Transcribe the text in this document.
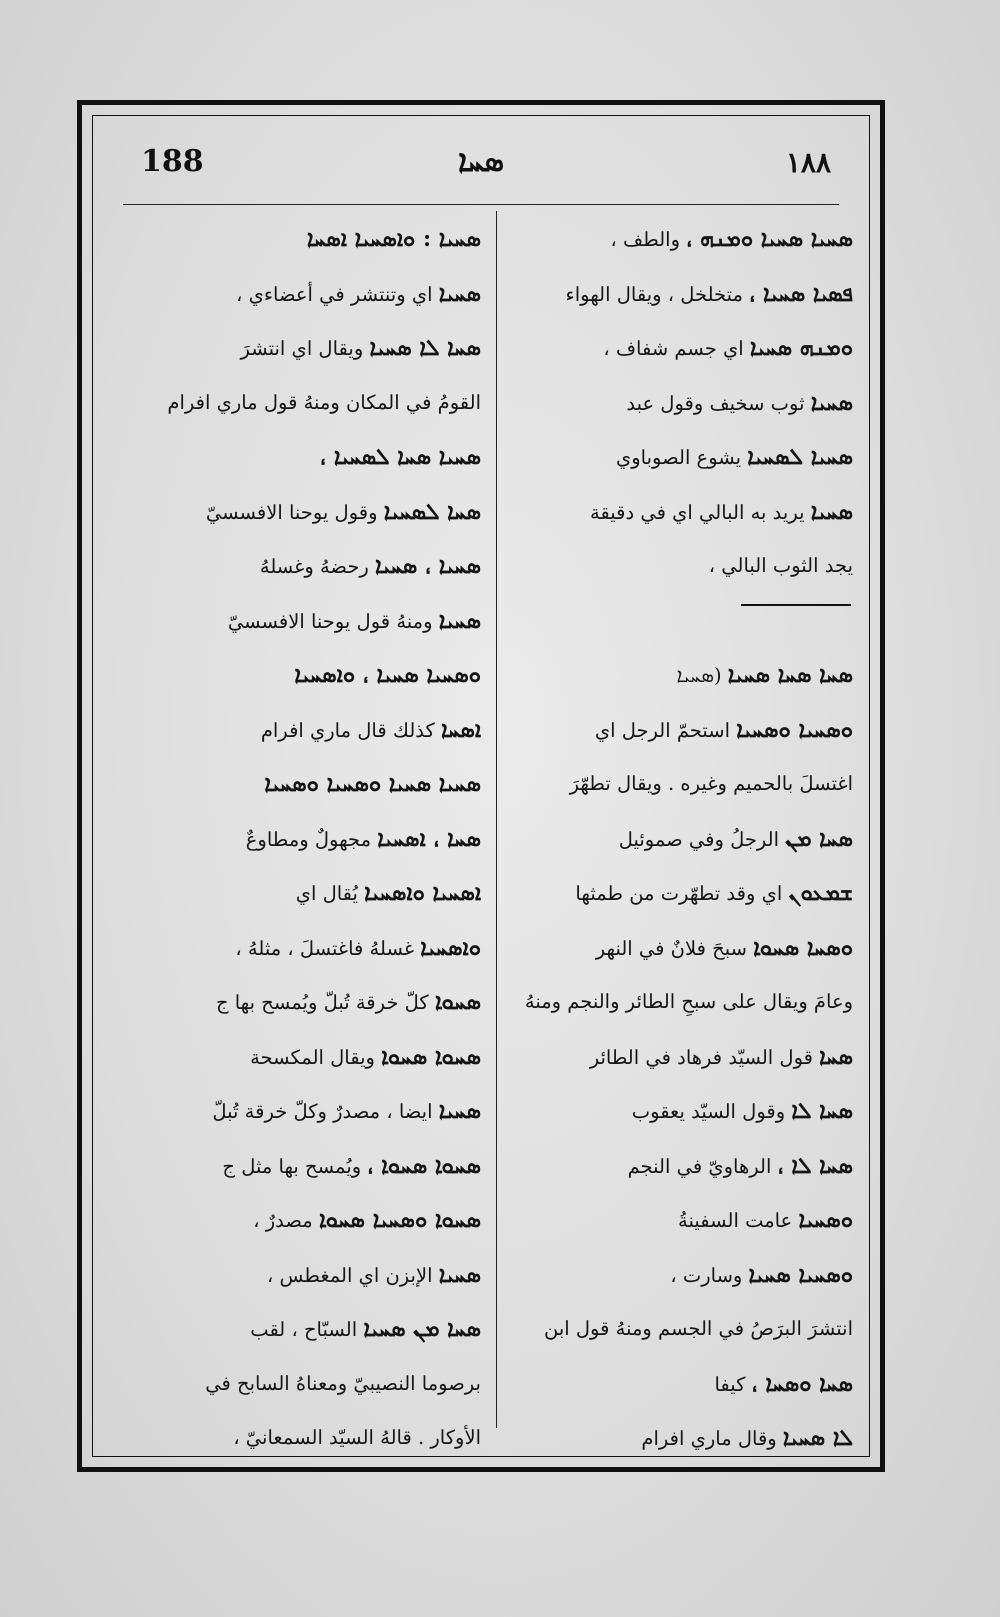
188	ܣܚܐ	١٨٨
ܣܚܝܐ ܣܚܝܐ ܘܡܢܗ ، والطف ،
ܦܣܝܐ ܣܚܝܐ ، متخلخل ، ويقال الهواء
ܘܡܢܗ ܣܚܝܐ اي جسم شفاف ،
ܣܚܝܐ ثوب سخيف وقول عبد
ܣܚܝܐ ܠܣܚܝܐ يشوع الصوباوي
ܣܚܝܐ يريد به البالي اي في دقيقة
يجد الثوب البالي ،
ܣܚܐ ܣܚܐ ܣܚܝܐ (ܣܚܝܐ
ܘܣܚܝܐ ܘܣܚܝܐ استحمّ الرجل اي
اغتسلَ بالحميم وغيره . ويقال تطهّرَ
ܣܚܐ ܡܢ الرجلُ وفي صموئيل
ܫܡܥܘܢ اي وقد تطهّرت من طمثها
ܘܣܚܐ ܣܚܘܐ سبحَ فلانٌ في النهر
وعامَ ويقال على سبحِ الطائر والنجم ومنهُ
ܣܚܐ قول السيّد فرهاد في الطائر
ܣܚܐ ܠܐ وقول السيّد يعقوب
ܣܚܐ ܠܐ ، الرهاويّ في النجم
ܘܣܚܝܐ عامت السفينةُ
ܘܣܚܝܐ ܣܚܝܐ وسارت ،
انتشرَ البرَصُ في الجسم ومنهُ قول ابن
ܣܚܐ ܘܣܚܐ ، كيفا
ܠܐ ܣܚܝܐ وقال ماري افرام
ܣܚܝܐ : ܘܐܣܚܝܐ ܐܣܚܐ
ܣܚܝܐ اي وتنتشر في أعضاءي ،
ܣܚܐ ܠܐ ܣܚܝܐ ويقال اي انتشرَ
القومُ في المكان ومنهُ قول ماري افرام
ܣܚܝܐ ܣܚܐ ܠܣܚܝܐ ،
ܣܚܐ ܠܣܚܝܐ وقول يوحنا الافسسيّ
ܣܚܝܐ ، ܣܚܝܐ رحضهُ وغسلهُ
ܣܚܝܐ ومنهُ قول يوحنا الافسسيّ
ܘܣܚܝܐ ܣܚܝܐ ، ܘܐܣܚܝܐ
ܐܣܚܐ كذلك قال ماري افرام
ܣܚܝܐ ܣܚܝܐ ܘܣܚܝܐ ܘܣܚܝܐ
ܣܚܐ ، ܐܣܚܝܐ مجهولٌ ومطاوعٌ
ܐܣܚܝܐ ܘܐܣܚܝܐ يُقال اي
ܘܐܣܚܝܐ غسلهُ فاغتسلَ ، مثلهُ ،
ܣܚܘܐ كلّ خرقة تُبلّ ويُمسح بها ج
ܣܚܘܐ ܣܚܘܐ ويقال المكسحة
ܣܚܝܐ ايضا ، مصدرٌ وكلّ خرقة تُبلّ
ܣܚܘܐ ܣܚܘܐ ، ويُمسح بها مثل ج
ܣܚܘܐ ܘܣܚܝܐ ܣܚܘܐ مصدرٌ ،
ܣܚܝܐ الإبزن اي المغطس ،
ܣܚܐ ܡܢ ܣܚܝܐ السبّاح ، لقب
برصوما النصيبيّ ومعناهُ السابح في
الأوكار . قالهُ السيّد السمعانيّ ،
